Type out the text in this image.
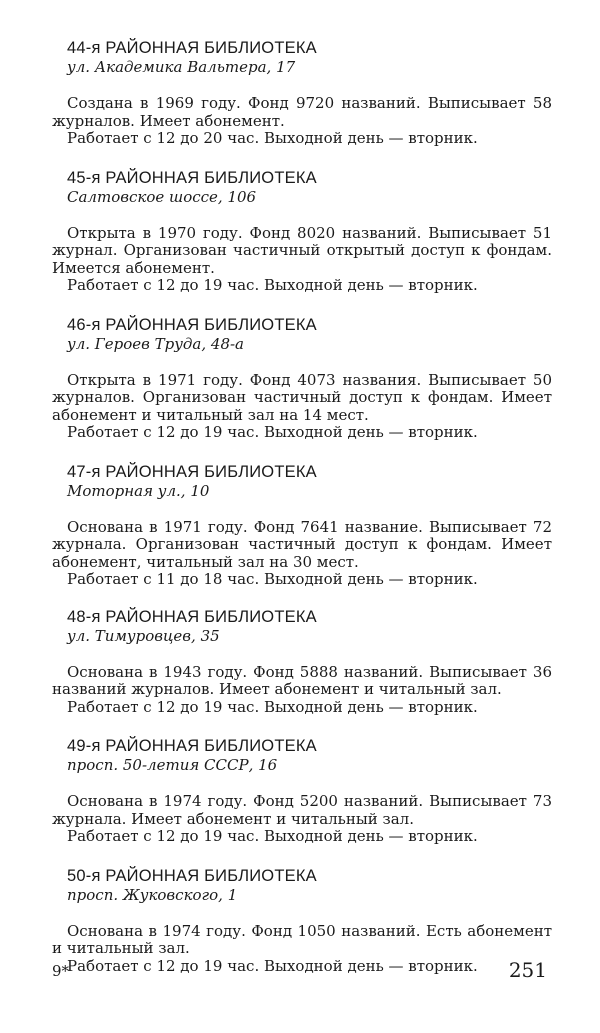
44-я РАЙОННАЯ БИБЛИОТЕКА
ул. Академика Вальтера, 17

Создана в 1969 году. Фонд 9720 названий. Выписывает 58 журналов. Имеет абонемент.

Работает с 12 до 20 час. Выходной день — вторник.
45-я РАЙОННАЯ БИБЛИОТЕКА
Салтовское шоссе, 106

Открыта в 1970 году. Фонд 8020 названий. Выписывает 51 журнал. Организован частичный открытый доступ к фондам. Имеется абонемент.

Работает с 12 до 19 час. Выходной день — вторник.
46-я РАЙОННАЯ БИБЛИОТЕКА
ул. Героев Труда, 48-а

Открыта в 1971 году. Фонд 4073 названия. Выписывает 50 журналов. Организован частичный доступ к фондам. Имеет абонемент и читальный зал на 14 мест.

Работает с 12 до 19 час. Выходной день — вторник.
47-я РАЙОННАЯ БИБЛИОТЕКА
Моторная ул., 10

Основана в 1971 году. Фонд 7641 название. Выписывает 72 журнала. Организован частичный доступ к фондам. Имеет абонемент, читальный зал на 30 мест.

Работает с 11 до 18 час. Выходной день — вторник.
48-я РАЙОННАЯ БИБЛИОТЕКА
ул. Тимуровцев, 35

Основана в 1943 году. Фонд 5888 названий. Выписывает 36 названий журналов. Имеет абонемент и читальный зал.

Работает с 12 до 19 час. Выходной день — вторник.
49-я РАЙОННАЯ БИБЛИОТЕКА
просп. 50-летия СССР, 16

Основана в 1974 году. Фонд 5200 названий. Выписывает 73 журнала. Имеет абонемент и читальный зал.

Работает с 12 до 19 час. Выходной день — вторник.
50-я РАЙОННАЯ БИБЛИОТЕКА
просп. Жуковского, 1

Основана в 1974 году. Фонд 1050 названий. Есть абонемент и читальный зал.

Работает с 12 до 19 час. Выходной день — вторник.
9*	251
